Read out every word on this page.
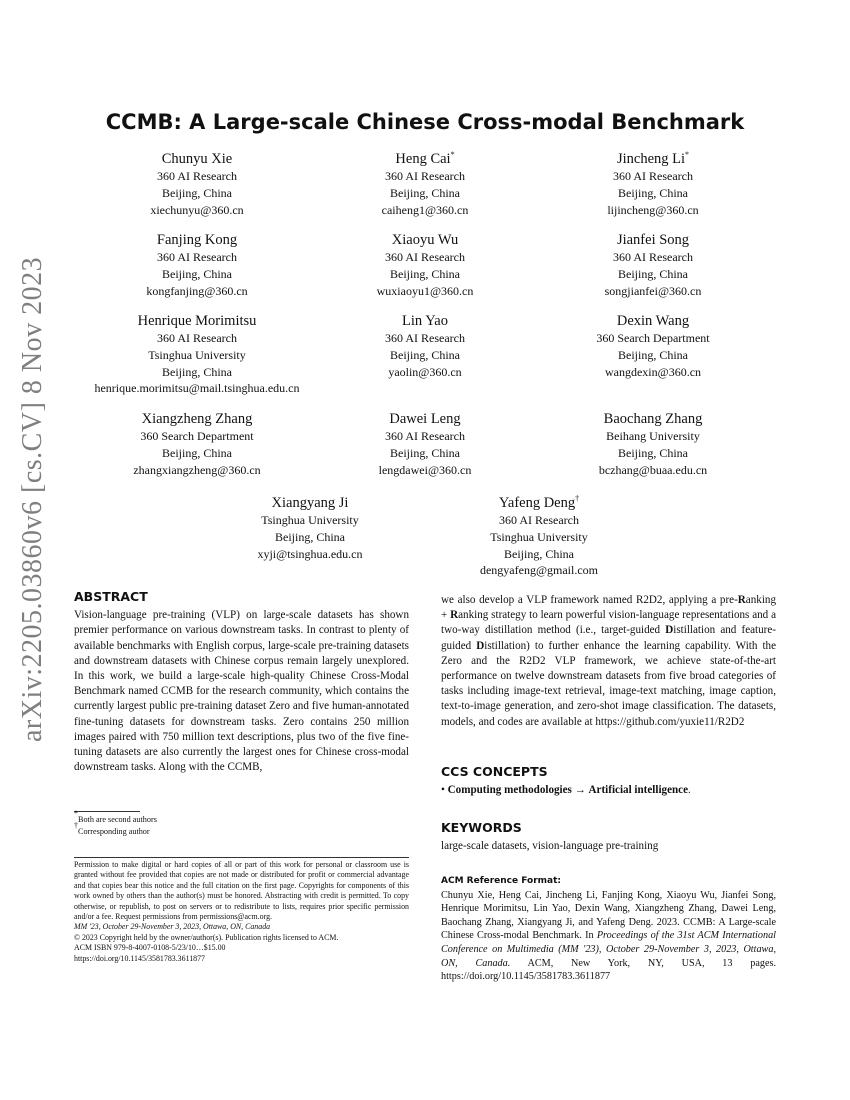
arXiv:2205.03860v6 [cs.CV] 8 Nov 2023
CCMB: A Large-scale Chinese Cross-modal Benchmark
Chunyu Xie
360 AI Research
Beijing, China
xiechunyu@360.cn
Heng Cai*
360 AI Research
Beijing, China
caiheng1@360.cn
Jincheng Li*
360 AI Research
Beijing, China
lijincheng@360.cn
Fanjing Kong
360 AI Research
Beijing, China
kongfanjing@360.cn
Xiaoyu Wu
360 AI Research
Beijing, China
wuxiaoyu1@360.cn
Jianfei Song
360 AI Research
Beijing, China
songjianfei@360.cn
Henrique Morimitsu
360 AI Research
Tsinghua University
Beijing, China
henrique.morimitsu@mail.tsinghua.edu.cn
Lin Yao
360 AI Research
Beijing, China
yaolin@360.cn
Dexin Wang
360 Search Department
Beijing, China
wangdexin@360.cn
Xiangzheng Zhang
360 Search Department
Beijing, China
zhangxiangzheng@360.cn
Dawei Leng
360 AI Research
Beijing, China
lengdawei@360.cn
Baochang Zhang
Beihang University
Beijing, China
bczhang@buaa.edu.cn
Xiangyang Ji
Tsinghua University
Beijing, China
xyji@tsinghua.edu.cn
Yafeng Deng†
360 AI Research
Tsinghua University
Beijing, China
dengyafeng@gmail.com
ABSTRACT

Vision-language pre-training (VLP) on large-scale datasets has shown premier performance on various downstream tasks. In contrast to plenty of available benchmarks with English corpus, large-scale pre-training datasets and downstream datasets with Chinese corpus remain largely unexplored. In this work, we build a large-scale high-quality Chinese Cross-Modal Benchmark named CCMB for the research community, which contains the currently largest public pre-training dataset Zero and five human-annotated fine-tuning datasets for downstream tasks. Zero contains 250 million images paired with 750 million text descriptions, plus two of the five fine-tuning datasets are also currently the largest ones for Chinese cross-modal downstream tasks. Along with the CCMB,

*Both are second authors
†Corresponding author

Permission to make digital or hard copies of all or part of this work for personal or classroom use is granted without fee provided that copies are not made or distributed for profit or commercial advantage and that copies bear this notice and the full citation on the first page. Copyrights for components of this work owned by others than the author(s) must be honored. Abstracting with credit is permitted. To copy otherwise, or republish, to post on servers or to redistribute to lists, requires prior specific permission and/or a fee. Request permissions from permissions@acm.org.

MM '23, October 29-November 3, 2023, Ottawa, ON, Canada

© 2023 Copyright held by the owner/author(s). Publication rights licensed to ACM.

ACM ISBN 979-8-4007-0108-5/23/10…$15.00

https://doi.org/10.1145/3581783.3611877

we also develop a VLP framework named R2D2, applying a pre-Ranking + Ranking strategy to learn powerful vision-language representations and a two-way distillation method (i.e., target-guided Distillation and feature-guided Distillation) to further enhance the learning capability. With the Zero and the R2D2 VLP framework, we achieve state-of-the-art performance on twelve downstream datasets from five broad categories of tasks including image-text retrieval, image-text matching, image caption, text-to-image generation, and zero-shot image classification. The datasets, models, and codes are available at https://github.com/yuxie11/R2D2

CCS CONCEPTS

• Computing methodologies → Artificial intelligence.

KEYWORDS

large-scale datasets, vision-language pre-training

ACM Reference Format:

Chunyu Xie, Heng Cai, Jincheng Li, Fanjing Kong, Xiaoyu Wu, Jianfei Song, Henrique Morimitsu, Lin Yao, Dexin Wang, Xiangzheng Zhang, Dawei Leng, Baochang Zhang, Xiangyang Ji, and Yafeng Deng. 2023. CCMB: A Large-scale Chinese Cross-modal Benchmark. In Proceedings of the 31st ACM International Conference on Multimedia (MM '23), October 29-November 3, 2023, Ottawa, ON, Canada. ACM, New York, NY, USA, 13 pages. https://doi.org/10.1145/3581783.3611877
